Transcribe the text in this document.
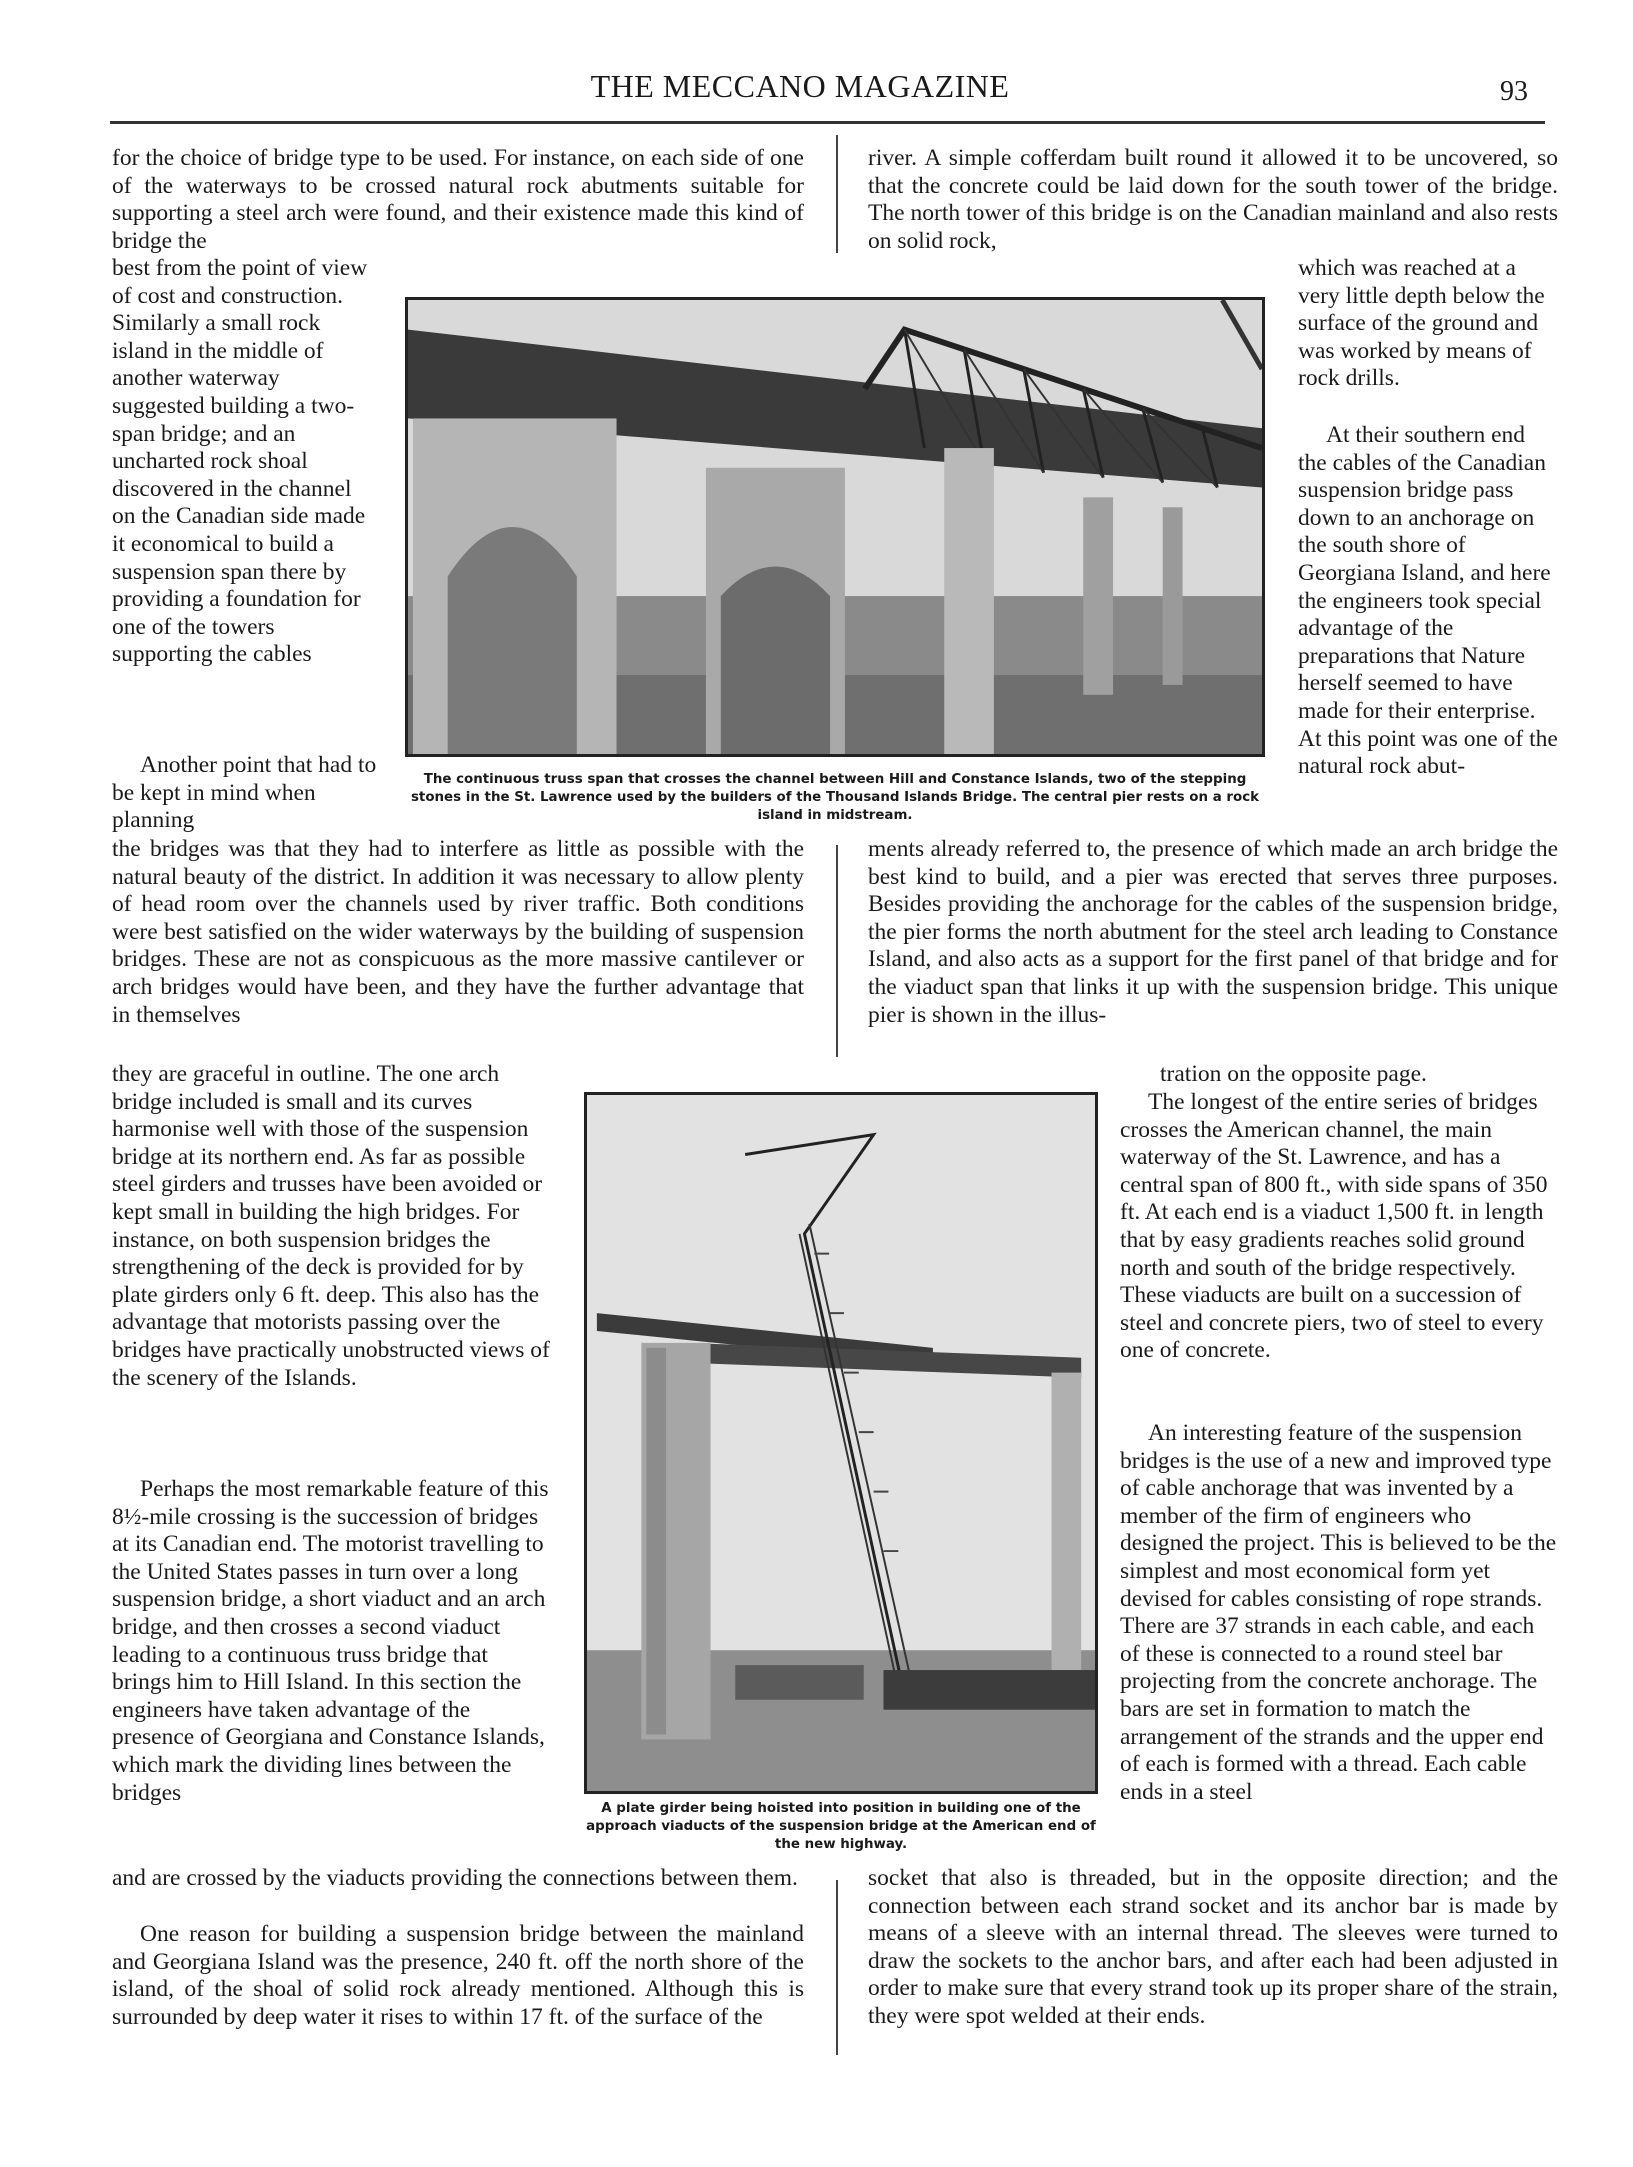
THE MECCANO MAGAZINE	93

for the choice of bridge type to be used. For instance, on each side of one of the waterways to be crossed natural rock abutments suitable for supporting a steel arch were found, and their existence made this kind of bridge the

best from the point of view of cost and construction. Similarly a small rock island in the middle of another waterway suggested building a two-span bridge; and an uncharted rock shoal discovered in the channel on the Canadian side made it economical to build a suspension span there by providing a foundation for one of the towers supporting the cables

Another point that had to be kept in mind when planning

the bridges was that they had to interfere as little as possible with the natural beauty of the district. In addition it was necessary to allow plenty of head room over the channels used by river traffic. Both conditions were best satisfied on the wider waterways by the building of suspension bridges. These are not as conspicuous as the more massive cantilever or arch bridges would have been, and they have the further advantage that in themselves

they are graceful in outline. The one arch bridge included is small and its curves harmonise well with those of the suspension bridge at its northern end. As far as possible steel girders and trusses have been avoided or kept small in building the high bridges. For instance, on both suspension bridges the strengthening of the deck is provided for by plate girders only 6 ft. deep. This also has the advantage that motorists passing over the bridges have practically unobstructed views of the scenery of the Islands.

Perhaps the most remarkable feature of this 8½-mile crossing is the succession of bridges at its Canadian end. The motorist travelling to the United States passes in turn over a long suspension bridge, a short viaduct and an arch bridge, and then crosses a second viaduct leading to a continuous truss bridge that brings him to Hill Island. In this section the engineers have taken advantage of the presence of Georgiana and Constance Islands, which mark the dividing lines between the bridges

and are crossed by the viaducts providing the connections between them.

One reason for building a suspension bridge between the mainland and Georgiana Island was the presence, 240 ft. off the north shore of the island, of the shoal of solid rock already mentioned. Although this is surrounded by deep water it rises to within 17 ft. of the surface of the

river. A simple cofferdam built round it allowed it to be uncovered, so that the concrete could be laid down for the south tower of the bridge. The north tower of this bridge is on the Canadian mainland and also rests on solid rock,

which was reached at a very little depth below the surface of the ground and was worked by means of rock drills.

At their southern end the cables of the Canadian suspension bridge pass down to an anchorage on the south shore of Georgiana Island, and here the engineers took special advantage of the preparations that Nature herself seemed to have made for their enterprise. At this point was one of the natural rock abut-

ments already referred to, the presence of which made an arch bridge the best kind to build, and a pier was erected that serves three purposes. Besides providing the anchorage for the cables of the suspension bridge, the pier forms the north abutment for the steel arch leading to Constance Island, and also acts as a support for the first panel of that bridge and for the viaduct span that links it up with the suspension bridge. This unique pier is shown in the illus-

tration on the opposite page.

The longest of the entire series of bridges crosses the American channel, the main waterway of the St. Lawrence, and has a central span of 800 ft., with side spans of 350 ft. At each end is a viaduct 1,500 ft. in length that by easy gradients reaches solid ground north and south of the bridge respectively. These viaducts are built on a succession of steel and concrete piers, two of steel to every one of concrete.

An interesting feature of the suspension bridges is the use of a new and improved type of cable anchorage that was invented by a member of the firm of engineers who designed the project. This is believed to be the simplest and most economical form yet devised for cables consisting of rope strands. There are 37 strands in each cable, and each of these is connected to a round steel bar projecting from the concrete anchorage. The bars are set in formation to match the arrangement of the strands and the upper end of each is formed with a thread. Each cable ends in a steel

socket that also is threaded, but in the opposite direction; and the connection between each strand socket and its anchor bar is made by means of a sleeve with an internal thread. The sleeves were turned to draw the sockets to the anchor bars, and after each had been adjusted in order to make sure that every strand took up its proper share of the strain, they were spot welded at their ends.

The continuous truss span that crosses the channel between Hill and Constance Islands, two of the stepping stones in the St. Lawrence used by the builders of the Thousand Islands Bridge. The central pier rests on a rock island in midstream.

A plate girder being hoisted into position in building one of the approach viaducts of the suspension bridge at the American end of the new highway.
